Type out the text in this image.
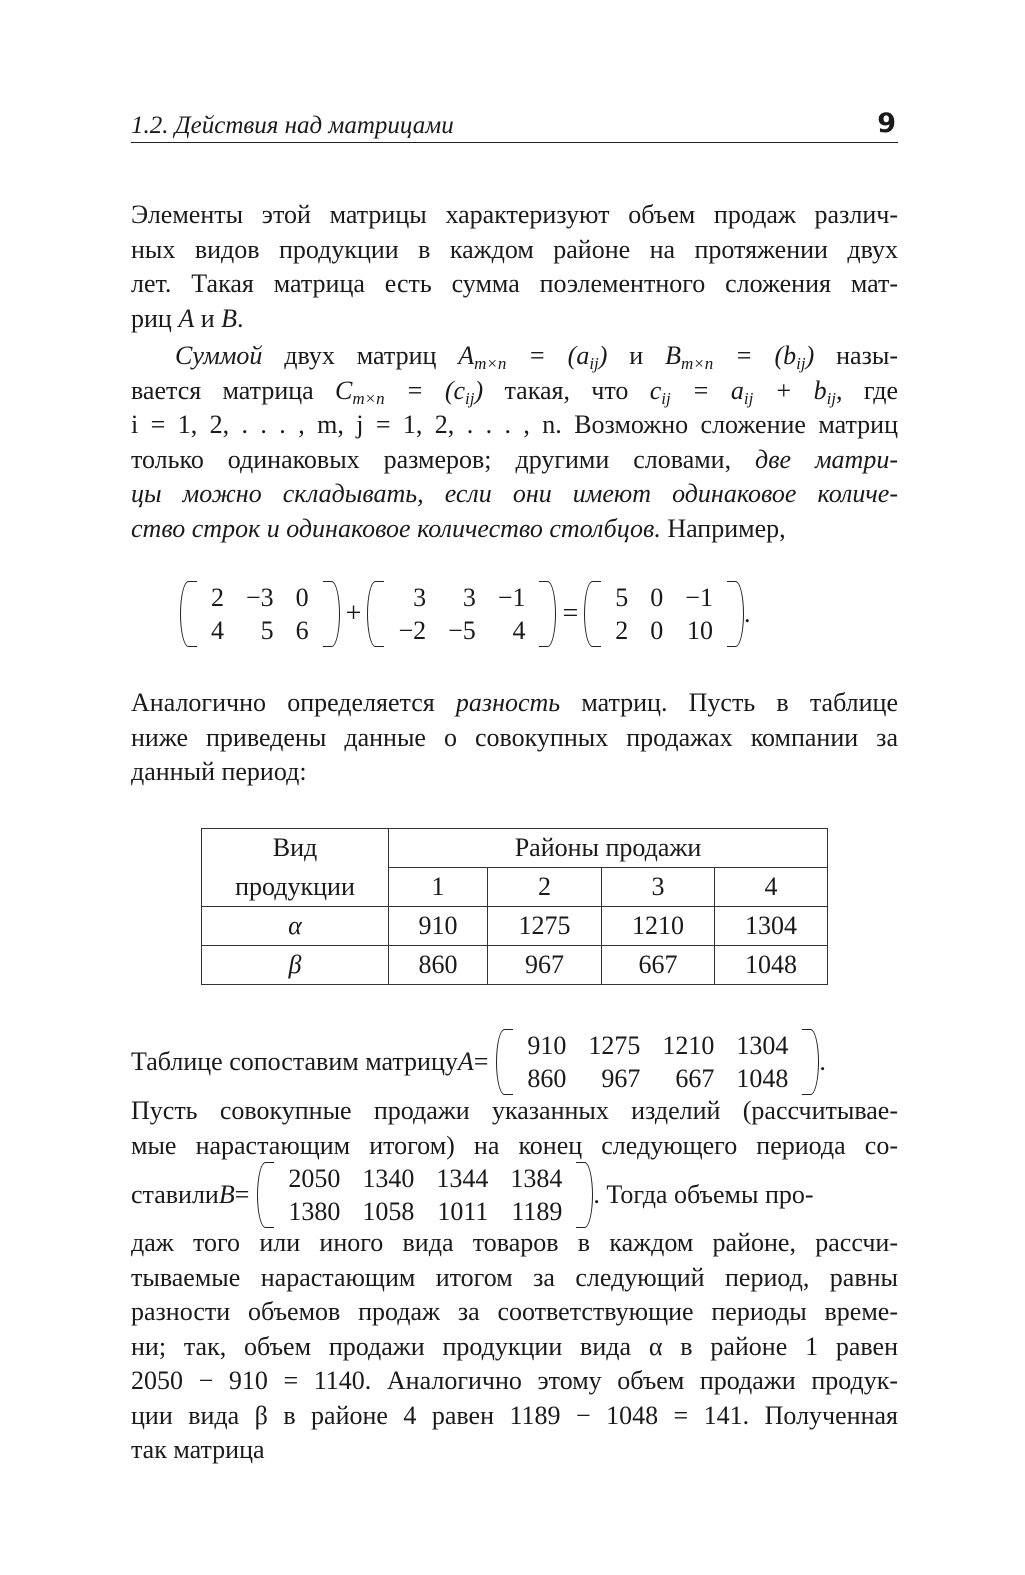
1.2. Действия над матрицами	9
Элементы этой матрицы характеризуют объем продаж различ-
ных видов продукции в каждом районе на протяжении двух
лет. Такая матрица есть сумма поэлементного сложения мат-
риц A и B.
Суммой двух матриц $A_{m\times n} = (a_{ij})$ и $B_{m\times n} = (b_{ij})$ назы-
вается матрица $C_{m\times n} = (c_{ij})$ такая, что $c_{ij} = a_{ij} + b_{ij}$, где
i = 1, 2, . . . , m, j = 1, 2, . . . , n. Возможно сложение матриц
только одинаковых размеров; другими словами, две матри-
цы можно складывать, если они имеют одинаковое количе-
ство строк и одинаковое количество столбцов. Например,
2	−3	0
4	5	6
+
3	3	−1
−2	−5	4
=
5	0	−1
2	0	10
.
Аналогично определяется разность матриц. Пусть в таблице
ниже приведены данные о совокупных продажах компании за
данный период:
Вид	Районы продажи			
продукции	1	2	3	4
α	910	1275	1210	1304
β	860	967	667	1048
Таблице сопоставим матрицу A =
910	1275	1210	1304
860	967	667	1048
.
Пусть совокупные продажи указанных изделий (рассчитывае-
мые нарастающим итогом) на конец следующего периода со-
ставили B =
2050	1340	1344	1384
1380	1058	1011	1189
. Тогда объемы про-
даж того или иного вида товаров в каждом районе, рассчи-
тываемые нарастающим итогом за следующий период, равны
разности объемов продаж за соответствующие периоды време-
ни; так, объем продажи продукции вида α в районе 1 равен
2050 − 910 = 1140. Аналогично этому объем продажи продук-
ции вида β в районе 4 равен 1189 − 1048 = 141. Полученная
так матрица
